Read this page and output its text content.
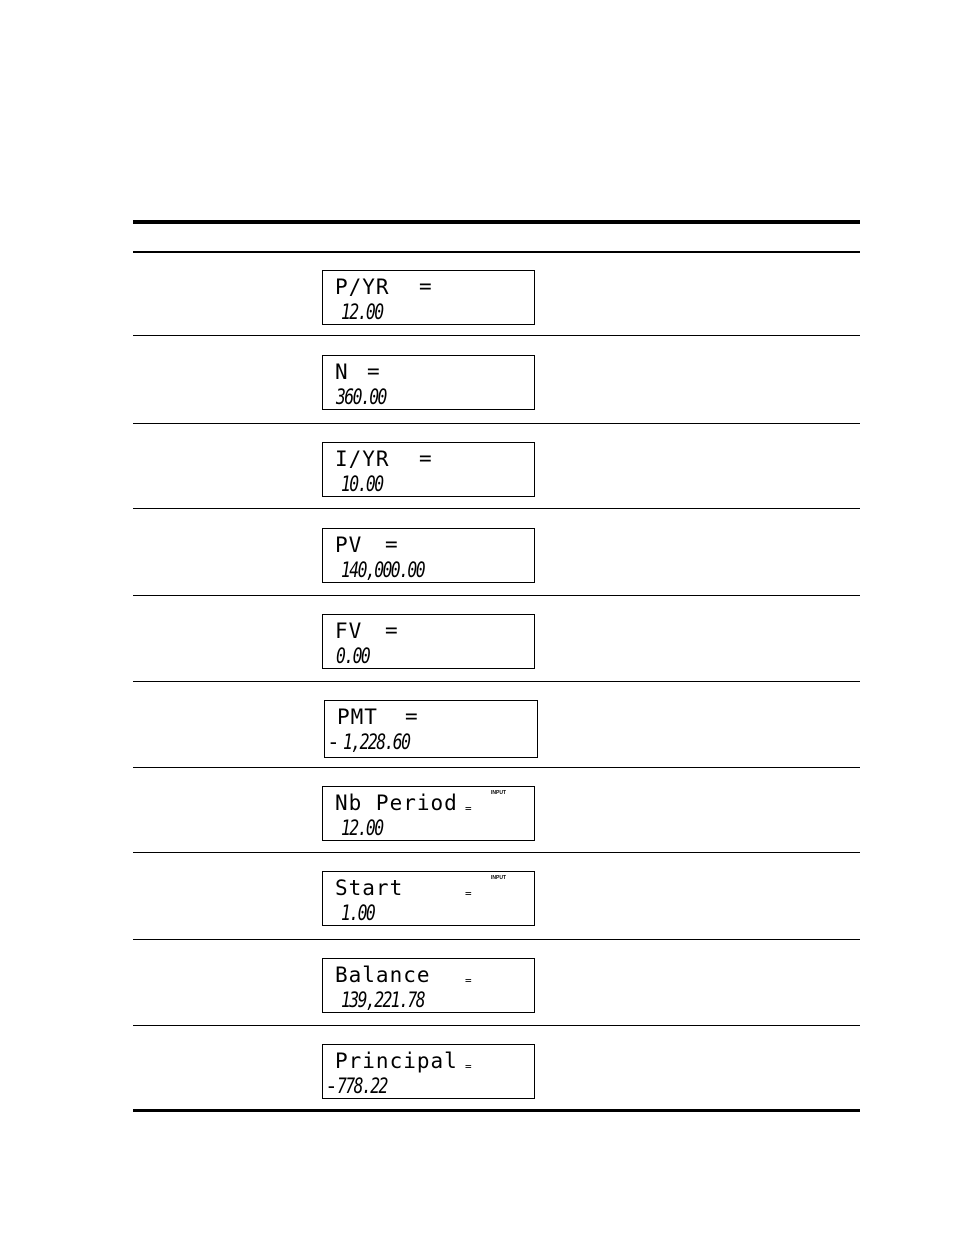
P/YR =
12.00
N =
360.00
I/YR =
10.00
PV =
140,000.00
FV =
0.00
PMT =
- 1,228.60
Nb Period =
INPUT
12.00
Start	=
INPUT
1.00
Balance	=
139,221.78
Principal =
- 778.22
